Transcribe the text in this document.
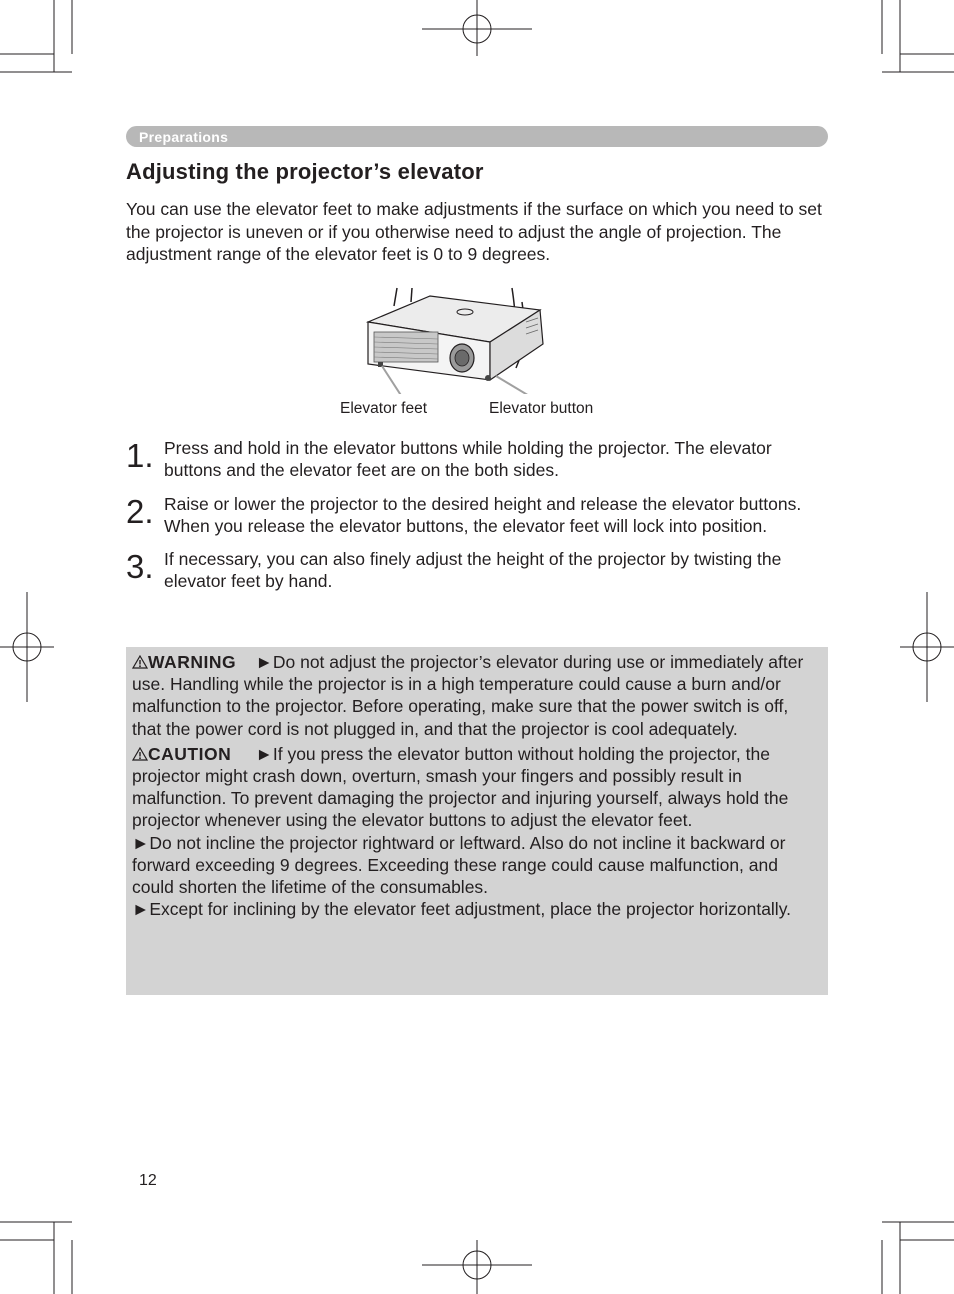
Preparations
Adjusting the projector’s elevator
You can use the elevator feet to make adjustments if the surface on which you need to set the projector is uneven or if you otherwise need to adjust the angle of projection. The adjustment range of the elevator feet is 0 to 9 degrees.
Elevator feet	Elevator button
1. Press and hold in the elevator buttons while holding the projector. The elevator buttons and the elevator feet are on the both sides.
2. Raise or lower the projector to the desired height and release the elevator buttons. When you release the elevator buttons, the elevator feet will lock into position.
3. If necessary, you can also finely adjust the height of the projector by twisting the elevator feet by hand.

WARNING ►Do not adjust the projector’s elevator during use or immediately after use. Handling while the projector is in a high temperature could cause a burn and/or malfunction to the projector. Before operating, make sure that the power switch is off, that the power cord is not plugged in, and that the projector is cool adequately.

CAUTION ►If you press the elevator button without holding the projector, the projector might crash down, overturn, smash your fingers and possibly result in malfunction. To prevent damaging the projector and injuring yourself, always hold the projector whenever using the elevator buttons to adjust the elevator feet.

►Do not incline the projector rightward or leftward. Also do not incline it backward or forward exceeding 9 degrees. Exceeding these range could cause malfunction, and could shorten the lifetime of the consumables.

►Except for inclining by the elevator feet adjustment, place the projector horizontally.

12
